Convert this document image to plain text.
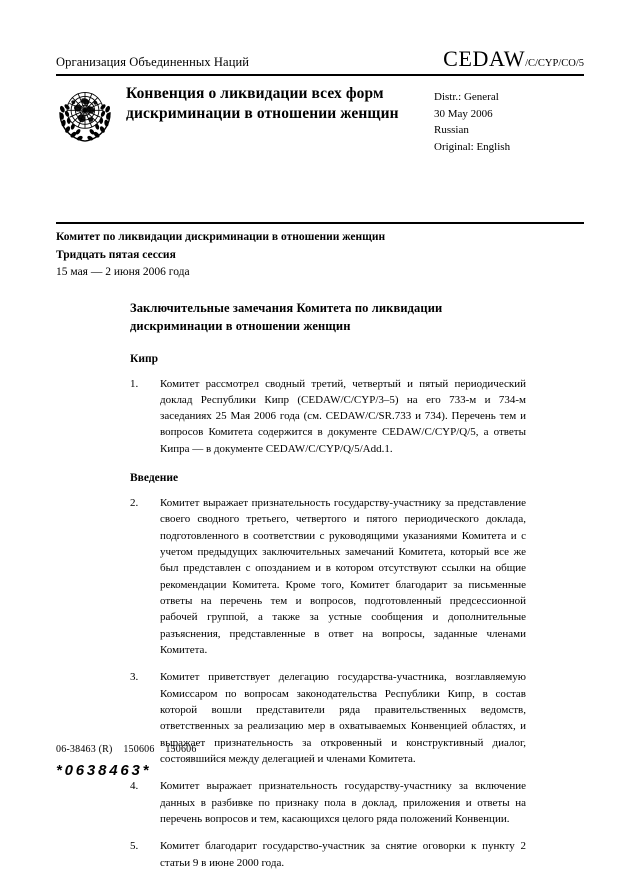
Организация Объединенных Наций	CEDAW /C/CYP/CO/5
Конвенция о ликвидации всех форм дискриминации в отношении женщин
Distr.: General
30 May 2006
Russian
Original: English
Комитет по ликвидации дискриминации в отношении женщин
Тридцать пятая сессия
15 мая — 2 июня 2006 года
Заключительные замечания Комитета по ликвидации дискриминации в отношении женщин
Кипр
1.	Комитет рассмотрел сводный третий, четвертый и пятый периодический доклад Республики Кипр (CEDAW/C/CYP/3–5) на его 733-м и 734-м заседаниях 25 Мая 2006 года (см. CEDAW/C/SR.733 и 734). Перечень тем и вопросов Комитета содержится в документе CEDAW/C/CYP/Q/5, а ответы Кипра — в документе CEDAW/C/CYP/Q/5/Add.1.
Введение
2.	Комитет выражает признательность государству-участнику за представление своего сводного третьего, четвертого и пятого периодического доклада, подготовленного в соответствии с руководящими указаниями Комитета и с учетом предыдущих заключительных замечаний Комитета, который все же был представлен с опозданием и в котором отсутствуют ссылки на общие рекомендации Комитета. Кроме того, Комитет благодарит за письменные ответы на перечень тем и вопросов, подготовленный предсессионной рабочей группой, а также за устные сообщения и дополнительные разъяснения, представленные в ответ на вопросы, заданные членами Комитета.
3.	Комитет приветствует делегацию государства-участника, возглавляемую Комиссаром по вопросам законодательства Республики Кипр, в состав которой вошли представители ряда правительственных ведомств, ответственных за реализацию мер в охватываемых Конвенцией областях, и выражает признательность за откровенный и конструктивный диалог, состоявшийся между делегацией и членами Комитета.
4.	Комитет выражает признательность государству-участнику за включение данных в разбивке по признаку пола в доклад, приложения и ответы на перечень вопросов и тем, касающихся целого ряда положений Конвенции.
5.	Комитет благодарит государство-участник за снятие оговорки к пункту 2 статьи 9 в июне 2000 года.
06-38463 (R)    150606    150606
*0638463*
